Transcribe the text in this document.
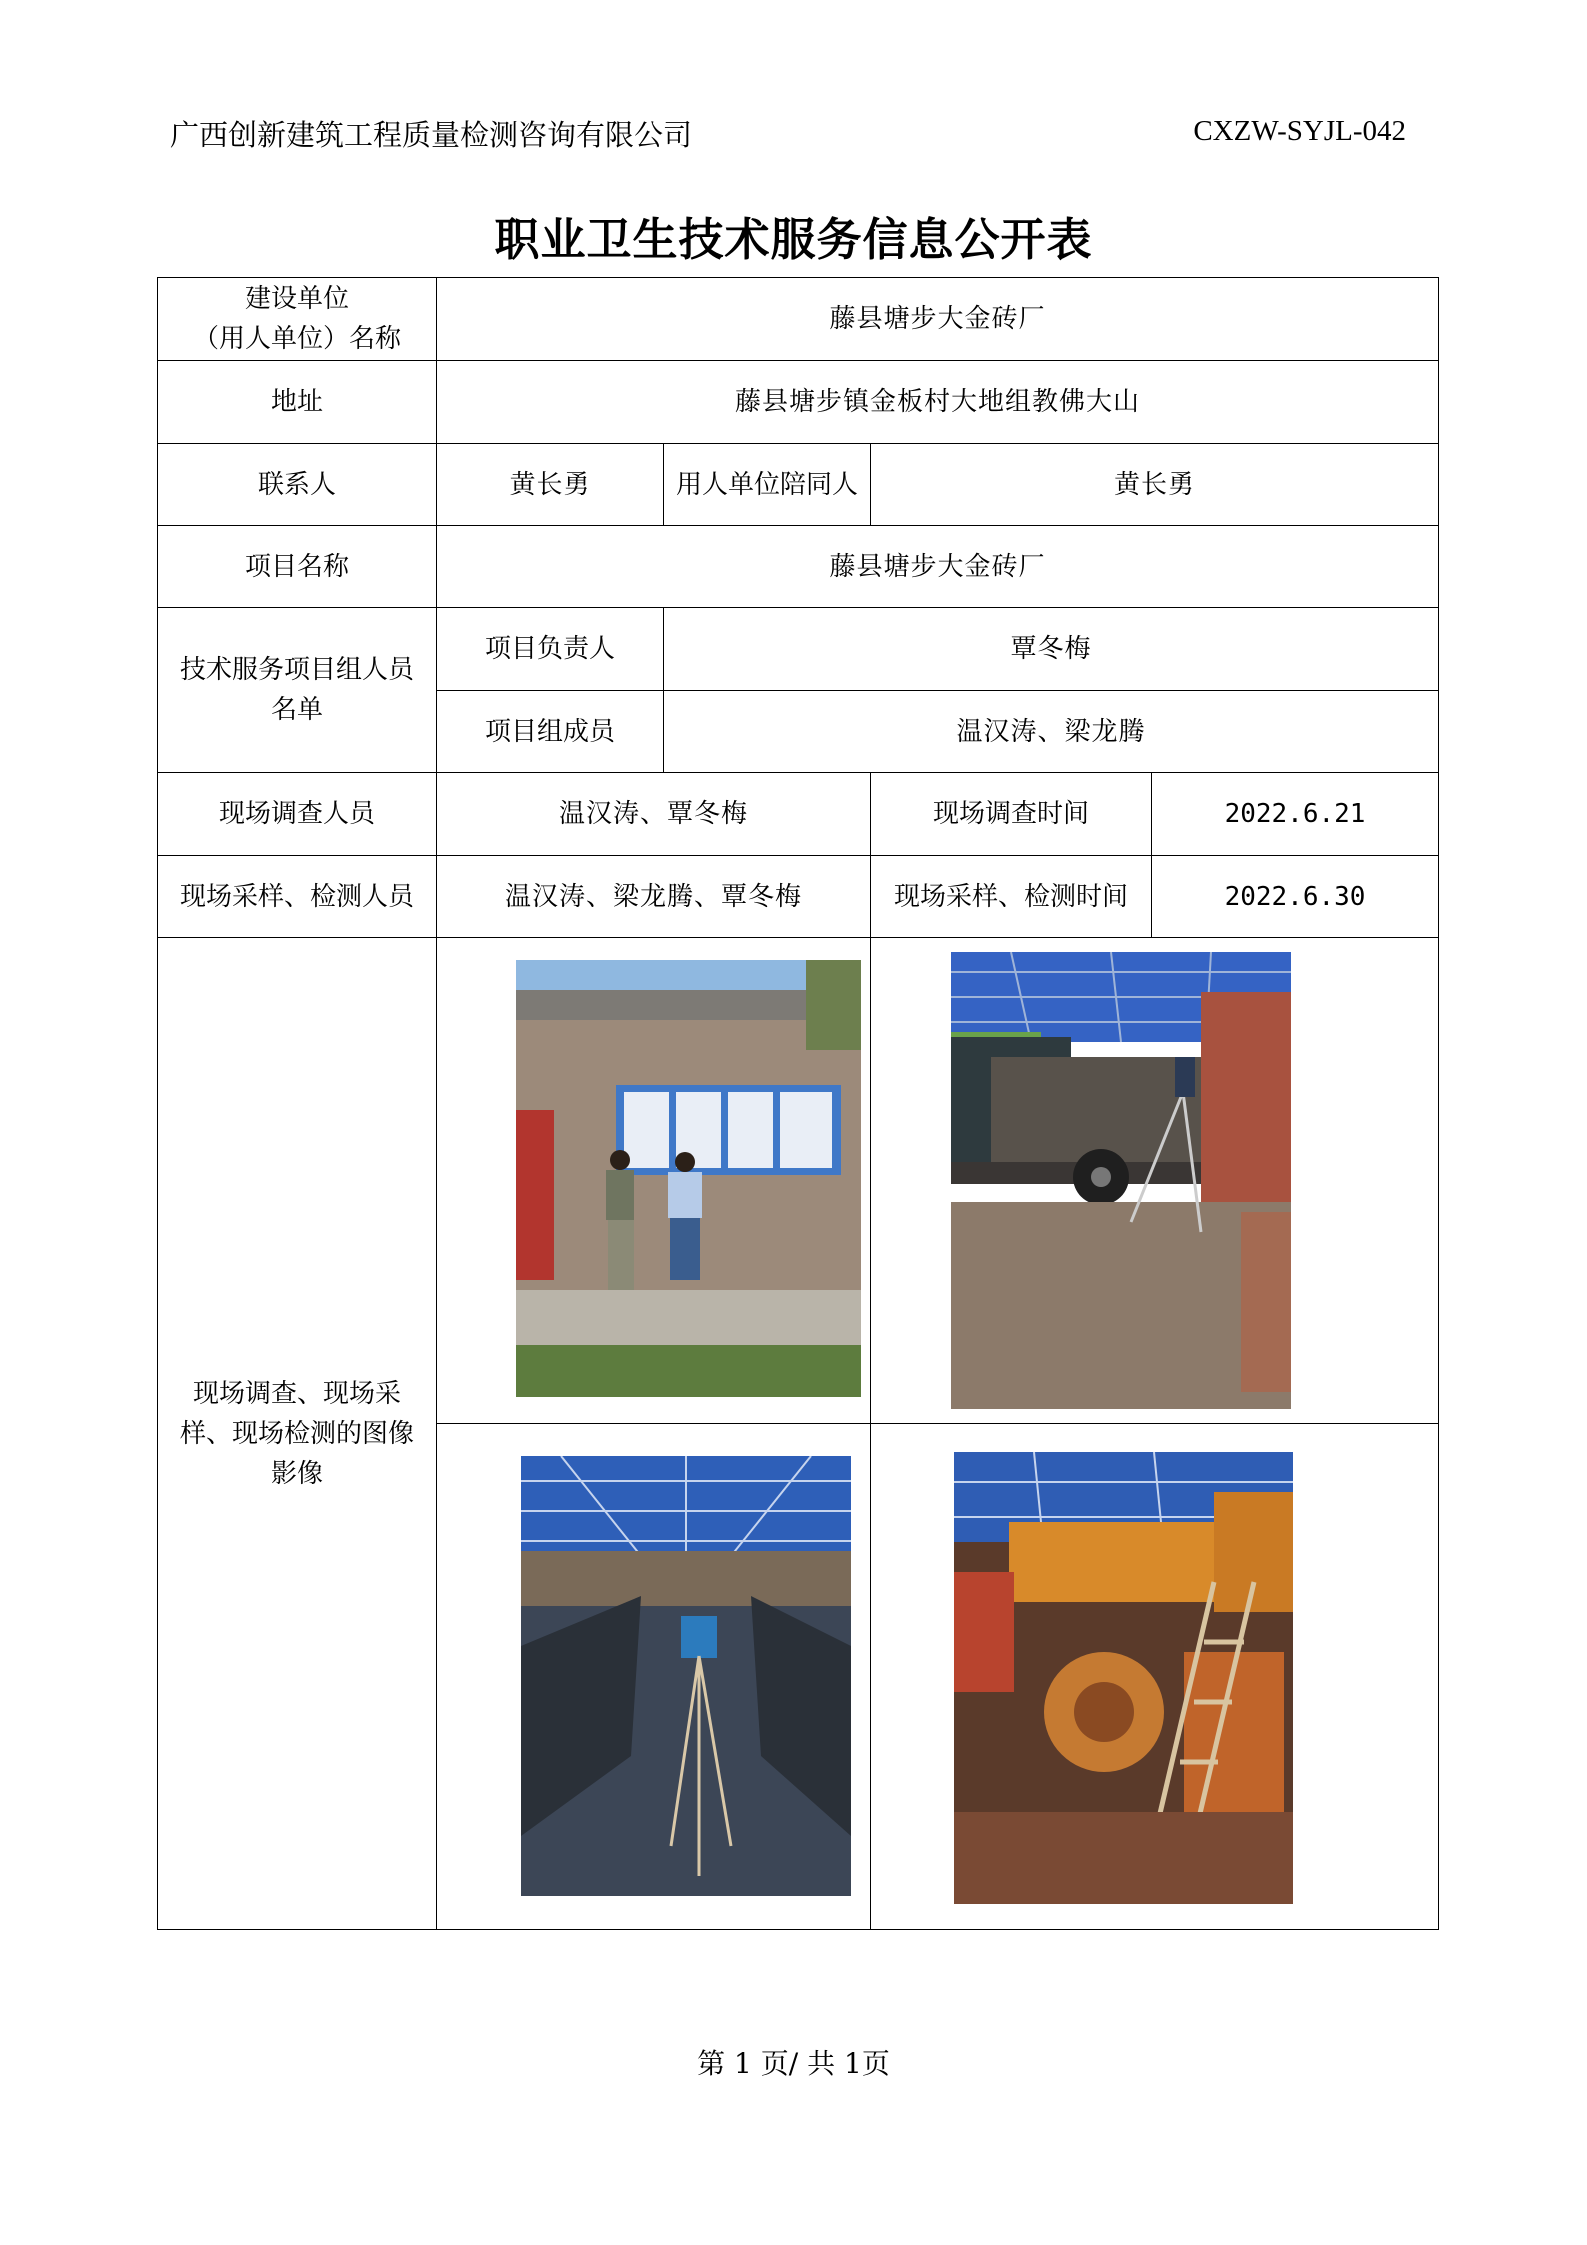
广西创新建筑工程质量检测咨询有限公司	CXZW-SYJL-042
职业卫生技术服务信息公开表
建设单位
（用人单位）名称	藤县塘步大金砖厂			
地址	藤县塘步镇金板村大地组教佛大山			
联系人	黄长勇	用人单位陪同人	黄长勇	
项目名称	藤县塘步大金砖厂			
技术服务项目组人员名单	项目负责人	覃冬梅		
	项目组成员	温汉涛、梁龙腾		
现场调查人员	温汉涛、覃冬梅		现场调查时间	2022.6.21
现场采样、检测人员	温汉涛、梁龙腾、覃冬梅		现场采样、检测时间	2022.6.30
现场调查、现场采样、现场检测的图像影像	

第 1 页/ 共 1页
